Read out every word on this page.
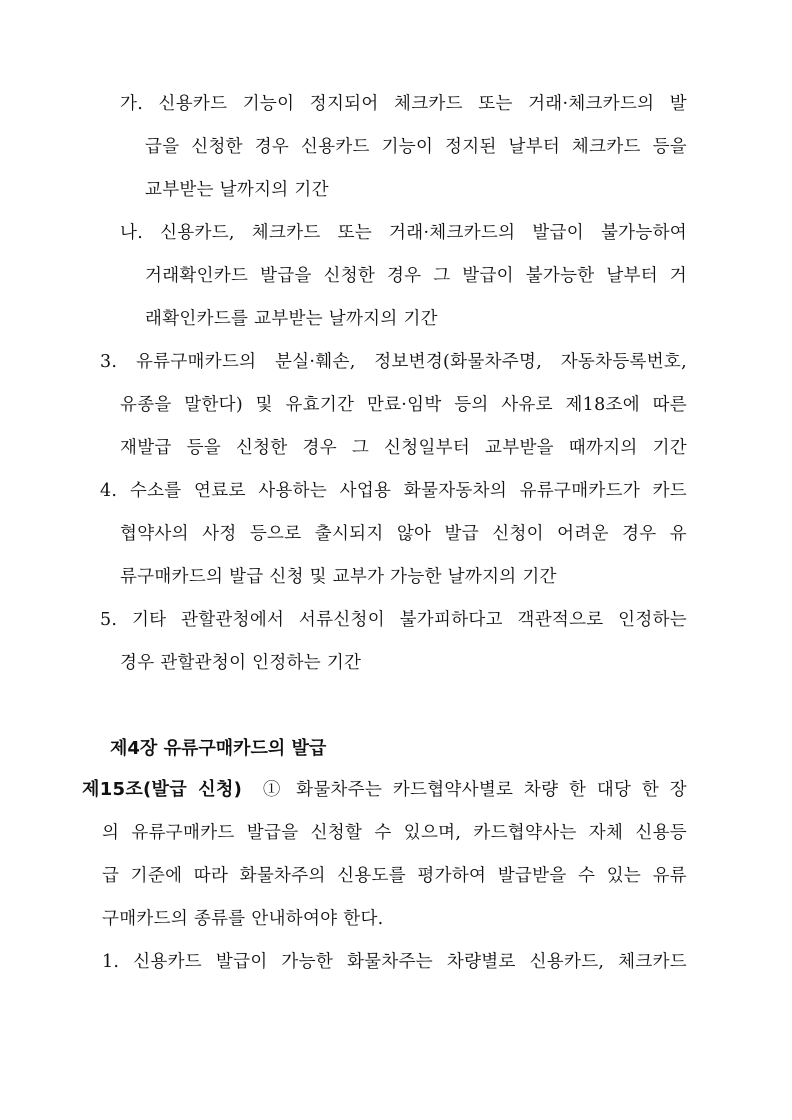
가. 신용카드 기능이 정지되어 체크카드 또는 거래·체크카드의 발
급을 신청한 경우 신용카드 기능이 정지된 날부터 체크카드 등을
교부받는 날까지의 기간
나. 신용카드, 체크카드 또는 거래·체크카드의 발급이 불가능하여
거래확인카드 발급을 신청한 경우 그 발급이 불가능한 날부터 거
래확인카드를 교부받는 날까지의 기간
3. 유류구매카드의 분실·훼손, 정보변경(화물차주명, 자동차등록번호,
유종을 말한다) 및 유효기간 만료·임박 등의 사유로 제18조에 따른
재발급 등을 신청한 경우 그 신청일부터 교부받을 때까지의 기간
4. 수소를 연료로 사용하는 사업용 화물자동차의 유류구매카드가 카드
협약사의 사정 등으로 출시되지 않아 발급 신청이 어려운 경우 유
류구매카드의 발급 신청 및 교부가 가능한 날까지의 기간
5. 기타 관할관청에서 서류신청이 불가피하다고 객관적으로 인정하는
경우 관할관청이 인정하는 기간
제4장 유류구매카드의 발급
제15조(발급 신청) ① 화물차주는 카드협약사별로 차량 한 대당 한 장
의 유류구매카드 발급을 신청할 수 있으며, 카드협약사는 자체 신용등
급 기준에 따라 화물차주의 신용도를 평가하여 발급받을 수 있는 유류
구매카드의 종류를 안내하여야 한다.
1. 신용카드 발급이 가능한 화물차주는 차량별로 신용카드, 체크카드
